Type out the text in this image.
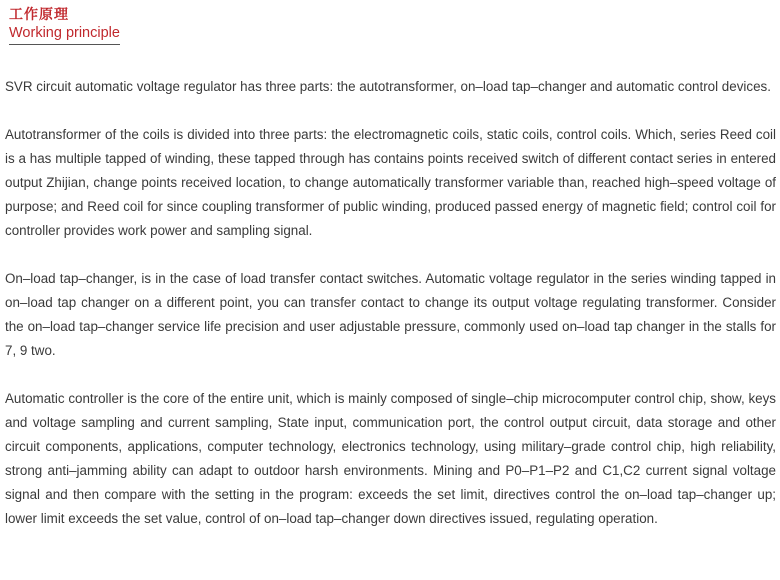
工作原理
Working principle

SVR circuit automatic voltage regulator has three parts: the autotransformer, on–load tap–changer and automatic control devices.

Autotransformer of the coils is divided into three parts: the electromagnetic coils, static coils, control coils. Which, series Reed coil is a has multiple tapped of winding, these tapped through has contains points received switch of different contact series in entered output Zhijian, change points received location, to change automatically transformer variable than, reached high–speed voltage of purpose; and Reed coil for since coupling transformer of public winding, produced passed energy of magnetic field; control coil for controller provides work power and sampling signal.

On–load tap–changer, is in the case of load transfer contact switches. Automatic voltage regulator in the series winding tapped in on–load tap changer on a different point, you can transfer contact to change its output voltage regulating transformer. Consider the on–load tap–changer service life precision and user adjustable pressure, commonly used on–load tap changer in the stalls for 7, 9 two.

Automatic controller is the core of the entire unit, which is mainly composed of single–chip microcomputer control chip, show, keys and voltage sampling and current sampling, State input, communication port, the control output circuit, data storage and other circuit components, applications, computer technology, electronics technology, using military–grade control chip, high reliability, strong anti–jamming ability can adapt to outdoor harsh environments. Mining and P0–P1–P2 and C1,C2 current signal voltage signal and then compare with the setting in the program: exceeds the set limit, directives control the on–load tap–changer up; lower limit exceeds the set value, control of on–load tap–changer down directives issued, regulating operation.
